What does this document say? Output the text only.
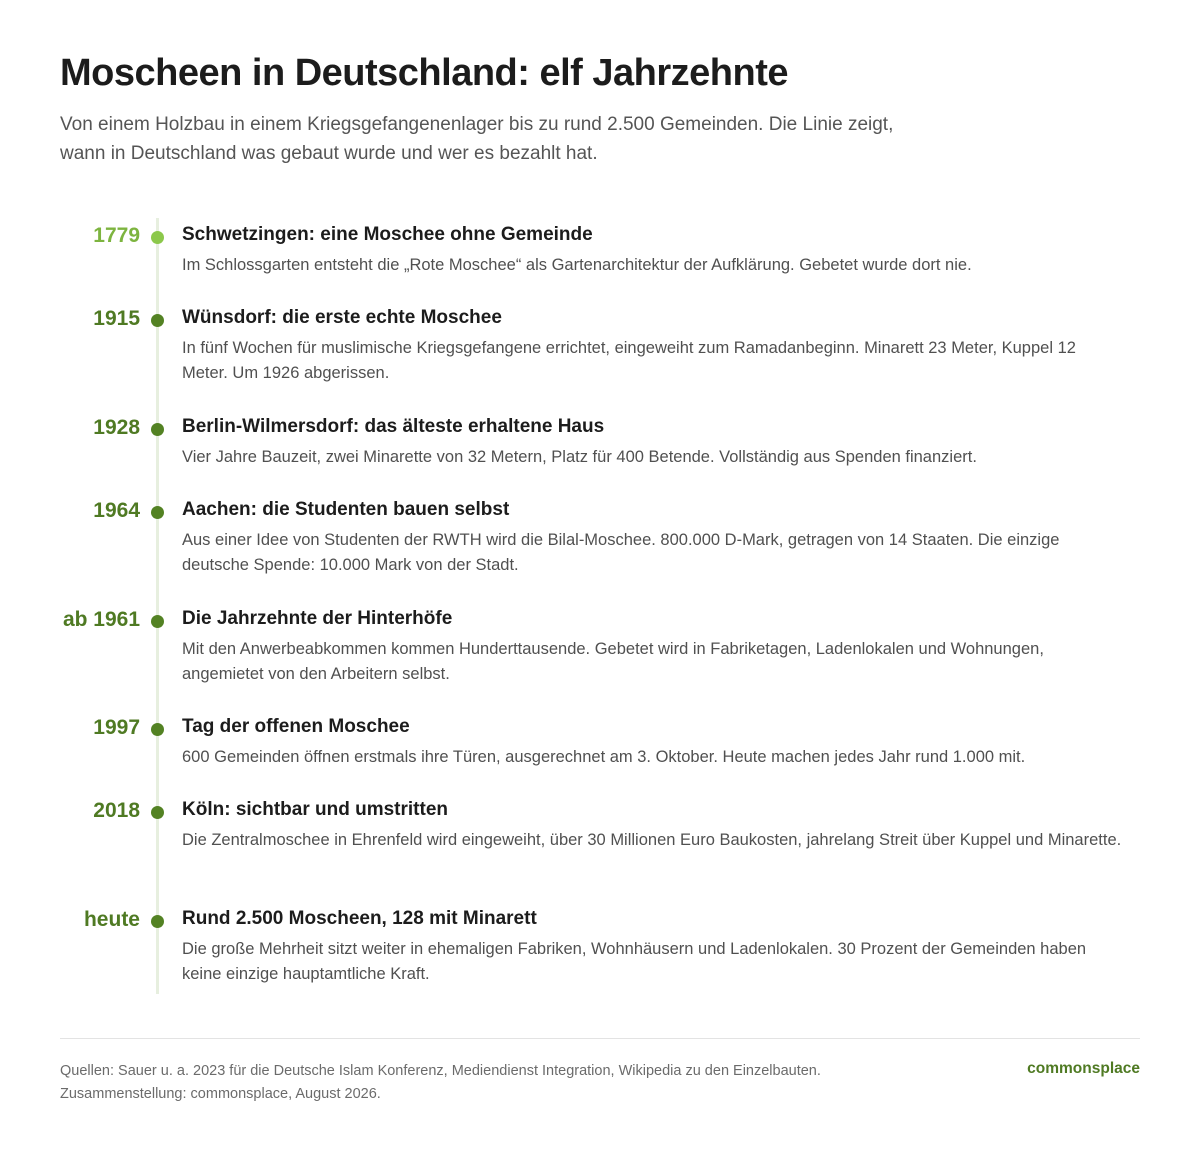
Moscheen in Deutschland: elf Jahrzehnte

Von einem Holzbau in einem Kriegsgefangenenlager bis zu rund 2.500 Gemeinden. Die Linie zeigt,
wann in Deutschland was gebaut wurde und wer es bezahlt hat.

1779 Schwetzingen: eine Moschee ohne Gemeinde

Im Schlossgarten entsteht die „Rote Moschee“ als Gartenarchitektur der Aufklärung. Gebetet wurde dort nie.

1915 Wünsdorf: die erste echte Moschee

In fünf Wochen für muslimische Kriegsgefangene errichtet, eingeweiht zum Ramadanbeginn. Minarett 23 Meter, Kuppel 12 Meter. Um 1926 abgerissen.

1928 Berlin-Wilmersdorf: das älteste erhaltene Haus

Vier Jahre Bauzeit, zwei Minarette von 32 Metern, Platz für 400 Betende. Vollständig aus Spenden finanziert.

1964 Aachen: die Studenten bauen selbst

Aus einer Idee von Studenten der RWTH wird die Bilal-Moschee. 800.000 D-Mark, getragen von 14 Staaten. Die einzige deutsche Spende: 10.000 Mark von der Stadt.

ab 1961 Die Jahrzehnte der Hinterhöfe

Mit den Anwerbeabkommen kommen Hunderttausende. Gebetet wird in Fabriketagen, Ladenlokalen und Wohnungen, angemietet von den Arbeitern selbst.

1997 Tag der offenen Moschee

600 Gemeinden öffnen erstmals ihre Türen, ausgerechnet am 3. Oktober. Heute machen jedes Jahr rund 1.000 mit.

2018 Köln: sichtbar und umstritten

Die Zentralmoschee in Ehrenfeld wird eingeweiht, über 30 Millionen Euro Baukosten, jahrelang Streit über Kuppel und Minarette.

heute Rund 2.500 Moscheen, 128 mit Minarett

Die große Mehrheit sitzt weiter in ehemaligen Fabriken, Wohnhäusern und Ladenlokalen. 30 Prozent der Gemeinden haben keine einzige hauptamtliche Kraft.

Quellen: Sauer u. a. 2023 für die Deutsche Islam Konferenz, Mediendienst Integration, Wikipedia zu den Einzelbauten.
Zusammenstellung: commonsplace, August 2026.

commonsplace
